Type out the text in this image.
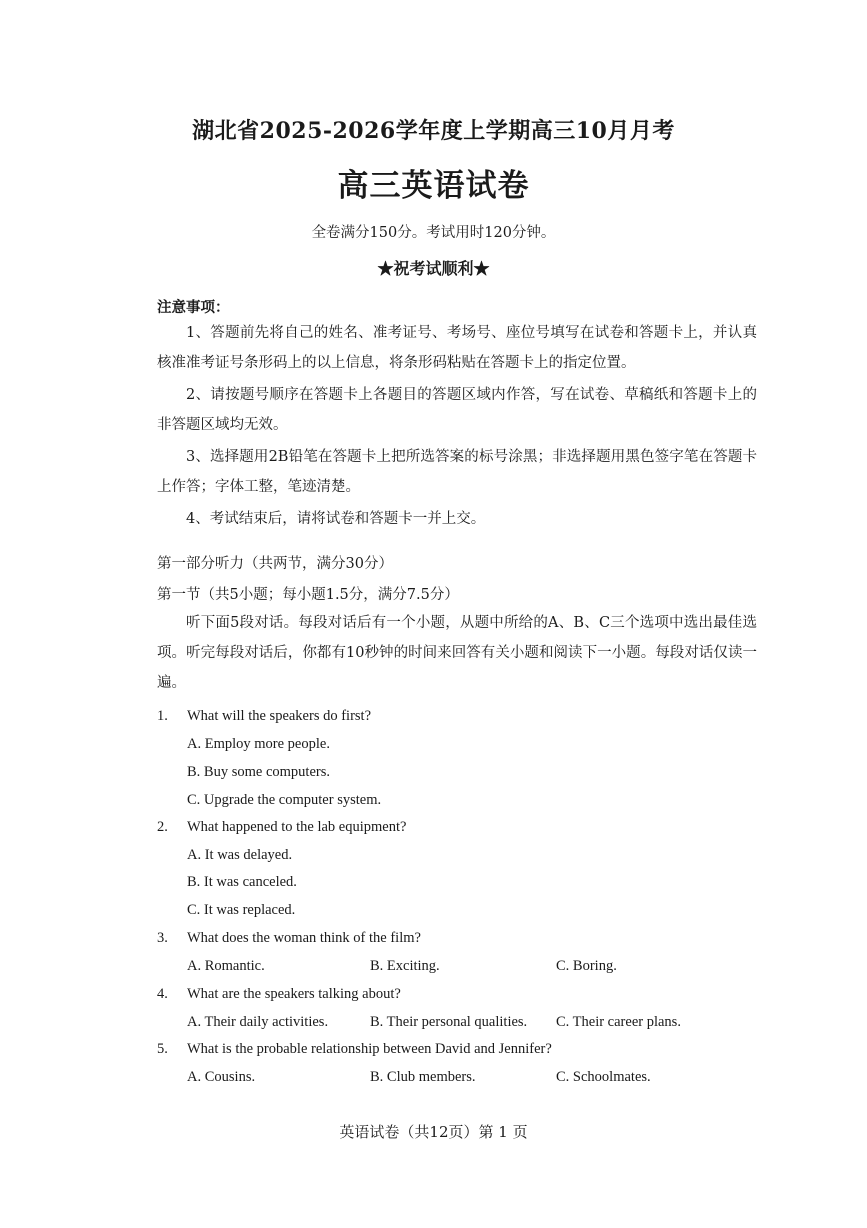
湖北省2025-2026学年度上学期高三10月月考
高三英语试卷
全卷满分150分。考试用时120分钟。
★祝考试顺利★
注意事项：
1、答题前先将自己的姓名、准考证号、考场号、座位号填写在试卷和答题卡上，并认真核准准考证号条形码上的以上信息，将条形码粘贴在答题卡上的指定位置。
2、请按题号顺序在答题卡上各题目的答题区域内作答，写在试卷、草稿纸和答题卡上的非答题区域均无效。
3、选择题用2B铅笔在答题卡上把所选答案的标号涂黑；非选择题用黑色签字笔在答题卡上作答；字体工整，笔迹清楚。
4、考试结束后，请将试卷和答题卡一并上交。
第一部分听力（共两节，满分30分）
第一节（共5小题；每小题1.5分，满分7.5分）
听下面5段对话。每段对话后有一个小题，从题中所给的A、B、C三个选项中选出最佳选项。听完每段对话后，你都有10秒钟的时间来回答有关小题和阅读下一小题。每段对话仅读一遍。
1. What will the speakers do first?
A. Employ more people.
B. Buy some computers.
C. Upgrade the computer system.
2. What happened to the lab equipment?
A. It was delayed.
B. It was canceled.
C. It was replaced.
3. What does the woman think of the film?
A. Romantic.	B. Exciting.	C. Boring.
4. What are the speakers talking about?
A. Their daily activities.	B. Their personal qualities. C. Their career plans.
5. What is the probable relationship between David and Jennifer?
A. Cousins.	B. Club members.	C. Schoolmates.
英语试卷（共12页）第 1 页
